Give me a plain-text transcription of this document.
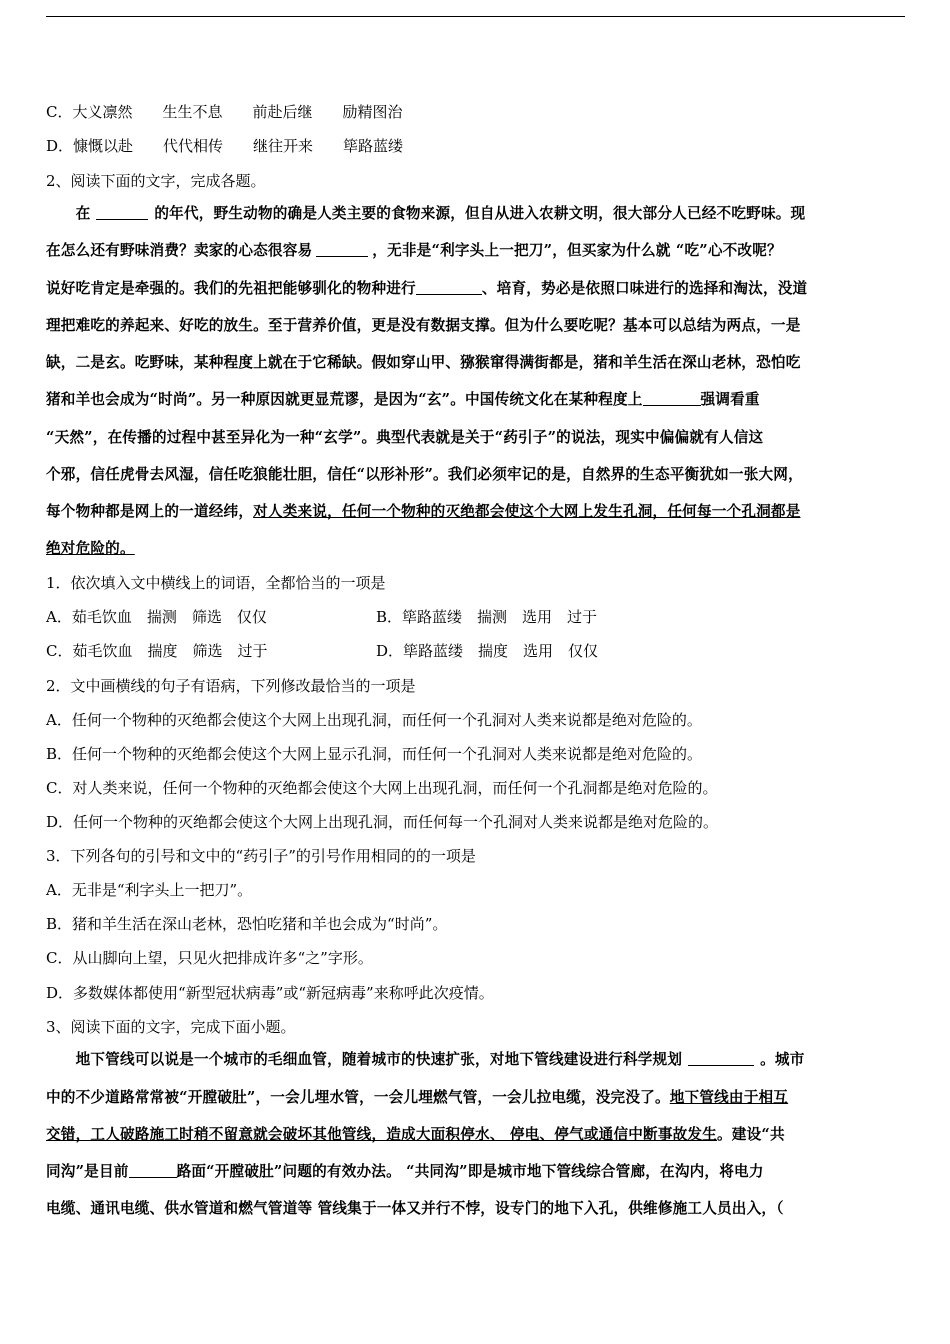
C．大义凛然　　生生不息　　前赴后继　　励精图治
D．慷慨以赴　　代代相传　　继往开来　　筚路蓝缕
2、阅读下面的文字，完成各题。
　　在	的年代，野生动物的确是人类主要的食物来源，但自从进入农耕文明，很大部分人已经不吃野味。现
在怎么还有野味消费？卖家的心态很容易	，无非是“利字头上一把刀”，但买家为什么就 “吃”心不改呢？
说好吃肯定是牵强的。我们的先祖把能够驯化的物种进行	、培育，势必是依照口味进行的选择和淘汰，没道
理把难吃的养起来、好吃的放生。至于营养价值，更是没有数据支撑。但为什么要吃呢？基本可以总结为两点，一是
缺，二是玄。吃野味，某种程度上就在于它稀缺。假如穿山甲、猕猴窜得满街都是，猪和羊生活在深山老林，恐怕吃
猪和羊也会成为“时尚”。另一种原因就更显荒谬，是因为“玄”。中国传统文化在某种程度上	强调看重
“天然”，在传播的过程中甚至异化为一种“玄学”。典型代表就是关于“药引子”的说法，现实中偏偏就有人信这
个邪，信任虎骨去风湿，信任吃狼能壮胆，信任“以形补形”。我们必须牢记的是，自然界的生态平衡犹如一张大网，
每个物种都是网上的一道经纬，对人类来说，任何一个物种的灭绝都会使这个大网上发生孔洞，任何每一个孔洞都是
绝对危险的。
1．依次填入文中横线上的词语，全都恰当的一项是
A．茹毛饮血　揣测　筛选　仅仅	B．筚路蓝缕　揣测　选用　过于
C．茹毛饮血　揣度　筛选　过于	D．筚路蓝缕　揣度　选用　仅仅
2．文中画横线的句子有语病，下列修改最恰当的一项是
A．任何一个物种的灭绝都会使这个大网上出现孔洞，而任何一个孔洞对人类来说都是绝对危险的。
B．任何一个物种的灭绝都会使这个大网上显示孔洞，而任何一个孔洞对人类来说都是绝对危险的。
C．对人类来说，任何一个物种的灭绝都会使这个大网上出现孔洞，而任何一个孔洞都是绝对危险的。
D．任何一个物种的灭绝都会使这个大网上出现孔洞，而任何每一个孔洞对人类来说都是绝对危险的。
3．下列各句的引号和文中的“药引子”的引号作用相同的的一项是
A．无非是“利字头上一把刀”。
B．猪和羊生活在深山老林，恐怕吃猪和羊也会成为“时尚”。
C．从山脚向上望，只见火把排成许多“之”字形。
D．多数媒体都使用“新型冠状病毒”或“新冠病毒”来称呼此次疫情。
3、阅读下面的文字，完成下面小题。
　　地下管线可以说是一个城市的毛细血管，随着城市的快速扩张，对地下管线建设进行科学规划	。城市
中的不少道路常常被“开膛破肚”，一会儿埋水管，一会儿埋燃气管，一会儿拉电缆，没完没了。地下管线由于相互
交错，工人破路施工时稍不留意就会破坏其他管线，造成大面积停水、 停电、停气或通信中断事故发生。建设“共
同沟”是目前	路面“开膛破肚”问题的有效办法。 “共同沟”即是城市地下管线综合管廊，在沟内，将电力
电缆、通讯电缆、供水管道和燃气管道等 管线集于一体又并行不悖，设专门的地下入孔，供维修施工人员出入，（
